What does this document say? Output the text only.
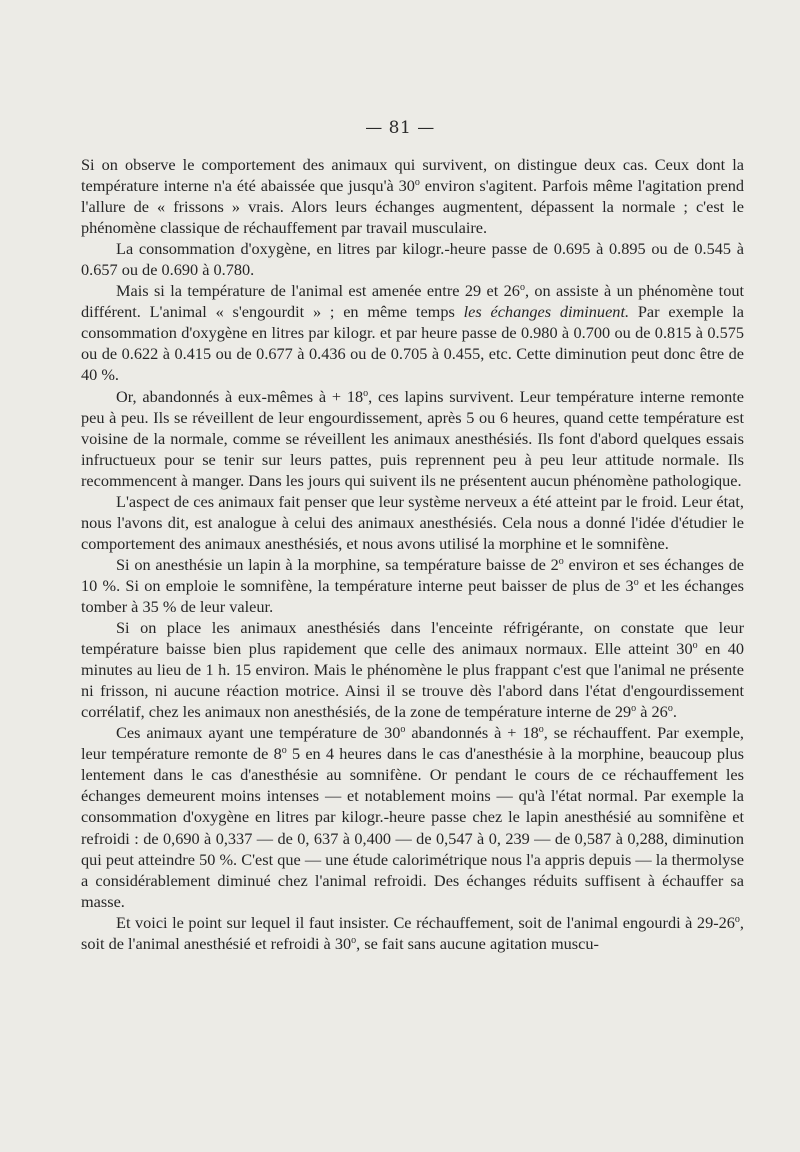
— 81 —

Si on observe le comportement des animaux qui survivent, on distingue deux cas. Ceux dont la température interne n'a été abaissée que jusqu'à 30$^o$ environ s'agitent. Parfois même l'agitation prend l'allure de « frissons » vrais. Alors leurs échanges augmentent, dépassent la normale ; c'est le phénomène classique de réchauffement par travail musculaire.

La consommation d'oxygène, en litres par kilogr.-heure passe de 0.695 à 0.895 ou de 0.545 à 0.657 ou de 0.690 à 0.780.

Mais si la température de l'animal est amenée entre 29 et 26$^o$, on assiste à un phénomène tout différent. L'animal « s'engourdit » ; en même temps les échanges diminuent. Par exemple la consommation d'oxygène en litres par kilogr. et par heure passe de 0.980 à 0.700 ou de 0.815 à 0.575 ou de 0.622 à 0.415 ou de 0.677 à 0.436 ou de 0.705 à 0.455, etc. Cette diminution peut donc être de 40 %.

Or, abandonnés à eux-mêmes à + $18^o$, ces lapins survivent. Leur température interne remonte peu à peu. Ils se réveillent de leur engourdissement, après 5 ou 6 heures, quand cette température est voisine de la normale, comme se réveillent les animaux anesthésiés. Ils font d'abord quelques essais infructueux pour se tenir sur leurs pattes, puis reprennent peu à peu leur attitude normale. Ils recommencent à manger. Dans les jours qui suivent ils ne présentent aucun phénomène pathologique.

L'aspect de ces animaux fait penser que leur système nerveux a été atteint par le froid. Leur état, nous l'avons dit, est analogue à celui des animaux anesthésiés. Cela nous a donné l'idée d'étudier le comportement des animaux anesthésiés, et nous avons utilisé la morphine et le somnifène.

Si on anesthésie un lapin à la morphine, sa température baisse de 2$^o$ environ et ses échanges de 10 %. Si on emploie le somnifène, la température interne peut baisser de plus de 3$^o$ et les échanges tomber à 35 % de leur valeur.

Si on place les animaux anesthésiés dans l'enceinte réfrigérante, on constate que leur température baisse bien plus rapidement que celle des animaux normaux. Elle atteint 30$^o$ en 40 minutes au lieu de 1 h. 15 environ. Mais le phénomène le plus frappant c'est que l'animal ne présente ni frisson, ni aucune réaction motrice. Ainsi il se trouve dès l'abord dans l'état d'engourdissement corrélatif, chez les animaux non anesthésiés, de la zone de température interne de 29$^o$ à 26$^o$.

Ces animaux ayant une température de 30$^o$ abandonnés à + $18^o$, se réchauffent. Par exemple, leur température remonte de 8$^o$ 5 en 4 heures dans le cas d'anesthésie à la morphine, beaucoup plus lentement dans le cas d'anesthésie au somnifène. Or pendant le cours de ce réchauffement les échanges demeurent moins intenses — et notablement moins — qu'à l'état normal. Par exemple la consommation d'oxygène en litres par kilogr.-heure passe chez le lapin anesthésié au somnifène et refroidi : de 0,690 à 0,337 — de 0, 637 à 0,400 — de 0,547 à 0, 239 — de 0,587 à 0,288, diminution qui peut atteindre 50 %. C'est que — une étude calorimétrique nous l'a appris depuis — la thermolyse a considérablement diminué chez l'animal refroidi. Des échanges réduits suffisent à échauffer sa masse.

Et voici le point sur lequel il faut insister. Ce réchauffement, soit de l'animal engourdi à 29-26$^o$, soit de l'animal anesthésié et refroidi à 30$^o$, se fait sans aucune agitation muscu-
